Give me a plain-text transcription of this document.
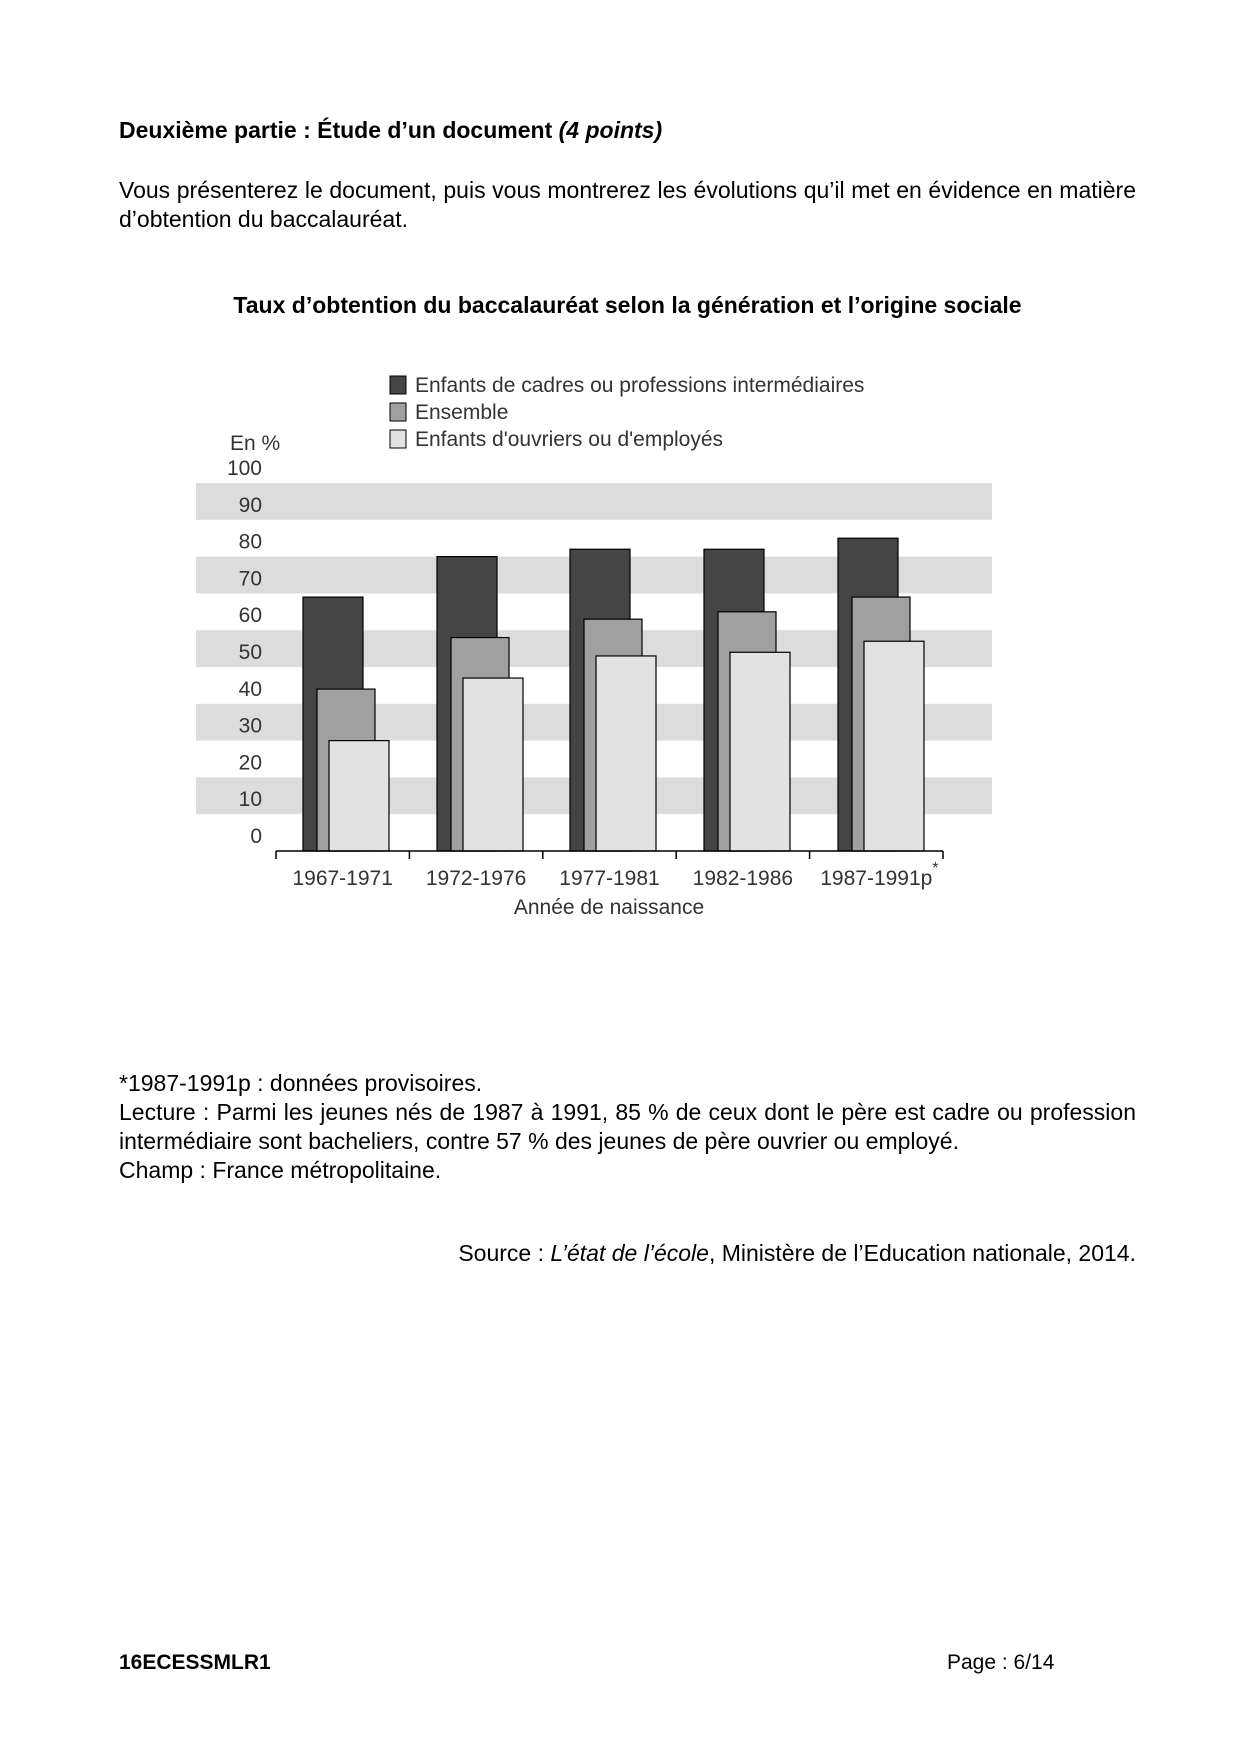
Deuxième partie : Étude d’un document (4 points)
Vous présenterez le document, puis vous montrerez les évolutions qu’il met en évidence en matière d’obtention du baccalauréat.
Taux d’obtention du baccalauréat selon la génération et l’origine sociale
0
10
20
30
40
50
60
70
80
90
100
En %
Enfants de cadres ou professions intermédiaires
Ensemble
Enfants d'ouvriers ou d'employés
1967-1971 1972-1976 1977-1981 1982-1986 1987-1991p *
Année de naissance

*1987-1991p : données provisoires.

Lecture : Parmi les jeunes nés de 1987 à 1991, 85 % de ceux dont le père est cadre ou profession intermédiaire sont bacheliers, contre 57 % des jeunes de père ouvrier ou employé.

Champ : France métropolitaine.

Source : L’état de l’école, Ministère de l’Education nationale, 2014.
16ECESSMLR1	Page : 6/14
